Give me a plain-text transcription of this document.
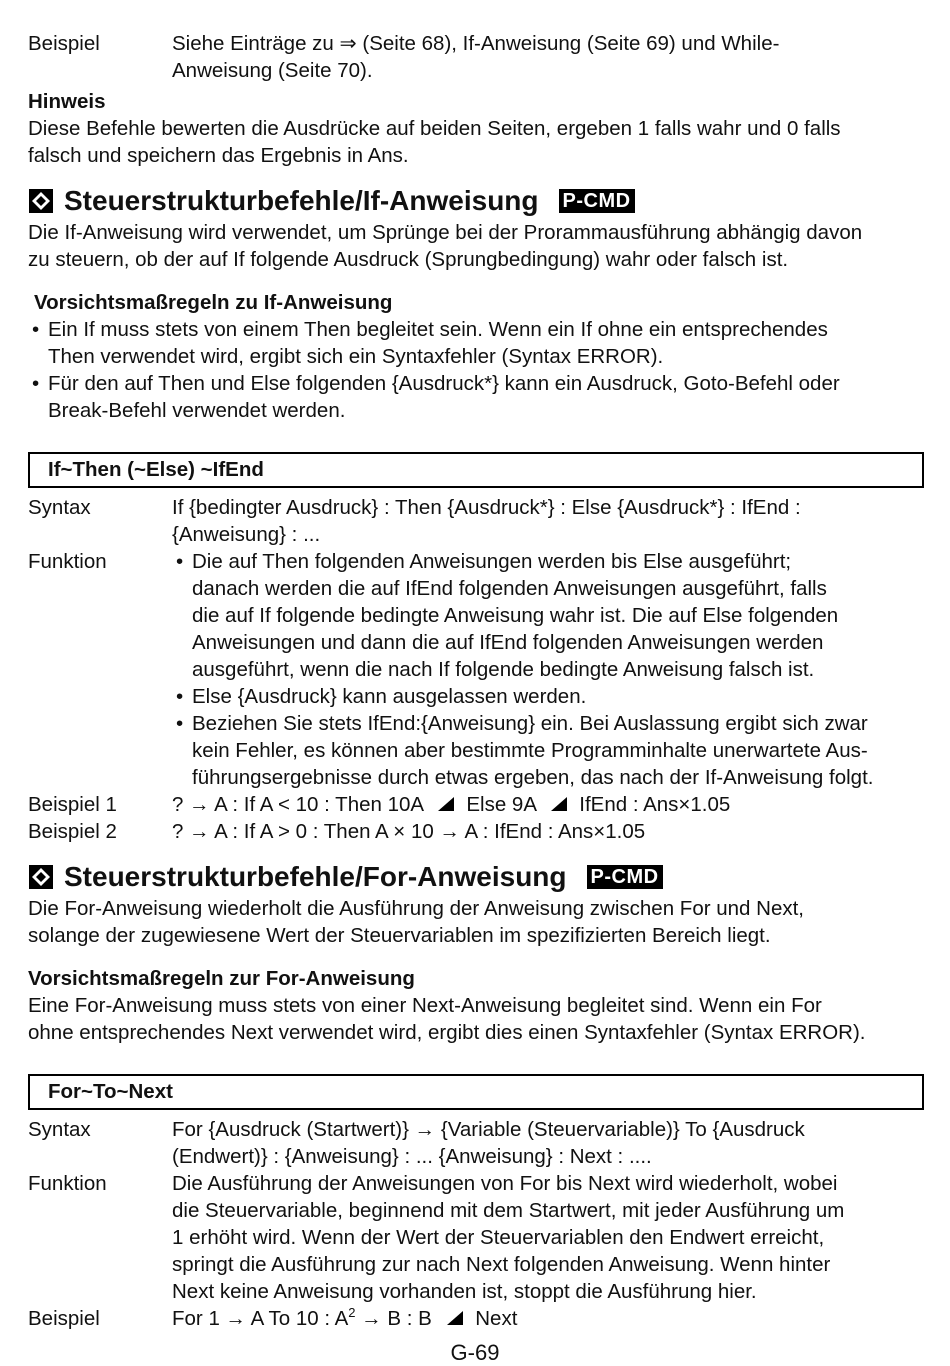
Beispiel	Siehe Einträge zu ⇒ (Seite 68), If-Anweisung (Seite 69) und While-

Anweisung (Seite 70).

Hinweis

Diese Befehle bewerten die Ausdrücke auf beiden Seiten, ergeben 1 falls wahr und 0 falls

falsch und speichern das Ergebnis in Ans.

Steuerstrukturbefehle/If-Anweisung P-CMD

Die If-Anweisung wird verwendet, um Sprünge bei der Prorammausführung abhängig davon

zu steuern, ob der auf If folgende Ausdruck (Sprungbedingung) wahr oder falsch ist.

Vorsichtsmaßregeln zu If-Anweisung
• Ein If muss stets von einem Then begleitet sein. Wenn ein If ohne ein entsprechendes
Then verwendet wird, ergibt sich ein Syntaxfehler (Syntax ERROR).
• Für den auf Then und Else folgenden {Ausdruck*} kann ein Ausdruck, Goto-Befehl oder
Break-Befehl verwendet werden.
If~Then (~Else) ~IfEnd
Syntax	If {bedingter Ausdruck} : Then {Ausdruck*} : Else {Ausdruck*} : IfEnd :

{Anweisung} : ...

Funktion	• Die auf Then folgenden Anweisungen werden bis Else ausgeführt;
danach werden die auf IfEnd folgenden Anweisungen ausgeführt, falls
die auf If folgende bedingte Anweisung wahr ist. Die auf Else folgenden
Anweisungen und dann die auf IfEnd folgenden Anweisungen werden
ausgeführt, wenn die nach If folgende bedingte Anweisung falsch ist.
• Else {Ausdruck} kann ausgelassen werden.
• Beziehen Sie stets IfEnd:{Anweisung} ein. Bei Auslassung ergibt sich zwar
kein Fehler, es können aber bestimmte Programminhalte unerwartete Aus-
führungsergebnisse durch etwas ergeben, das nach der If-Anweisung folgt.
Beispiel 1	? → A : If A < 10 : Then 10A Else 9A IfEnd : Ans×1.05
Beispiel 2	? → A : If A > 0 : Then A × 10 → A : IfEnd : Ans×1.05
Steuerstrukturbefehle/For-Anweisung P-CMD

Die For-Anweisung wiederholt die Ausführung der Anweisung zwischen For und Next,

solange der zugewiesene Wert der Steuervariablen im spezifizierten Bereich liegt.

Vorsichtsmaßregeln zur For-Anweisung

Eine For-Anweisung muss stets von einer Next-Anweisung begleitet sind. Wenn ein For

ohne entsprechendes Next verwendet wird, ergibt dies einen Syntaxfehler (Syntax ERROR).

For~To~Next
Syntax	For {Ausdruck (Startwert)} → {Variable (Steuervariable)} To {Ausdruck

(Endwert)} : {Anweisung} : ... {Anweisung} : Next : ....

Funktion	Die Ausführung der Anweisungen von For bis Next wird wiederholt, wobei

die Steuervariable, beginnend mit dem Startwert, mit jeder Ausführung um

1 erhöht wird. Wenn der Wert der Steuervariablen den Endwert erreicht,

springt die Ausführung zur nach Next folgenden Anweisung. Wenn hinter

Next keine Anweisung vorhanden ist, stoppt die Ausführung hier.

Beispiel	For 1 → A To 10 : $A^2 \to B$ : B Next
G-69
